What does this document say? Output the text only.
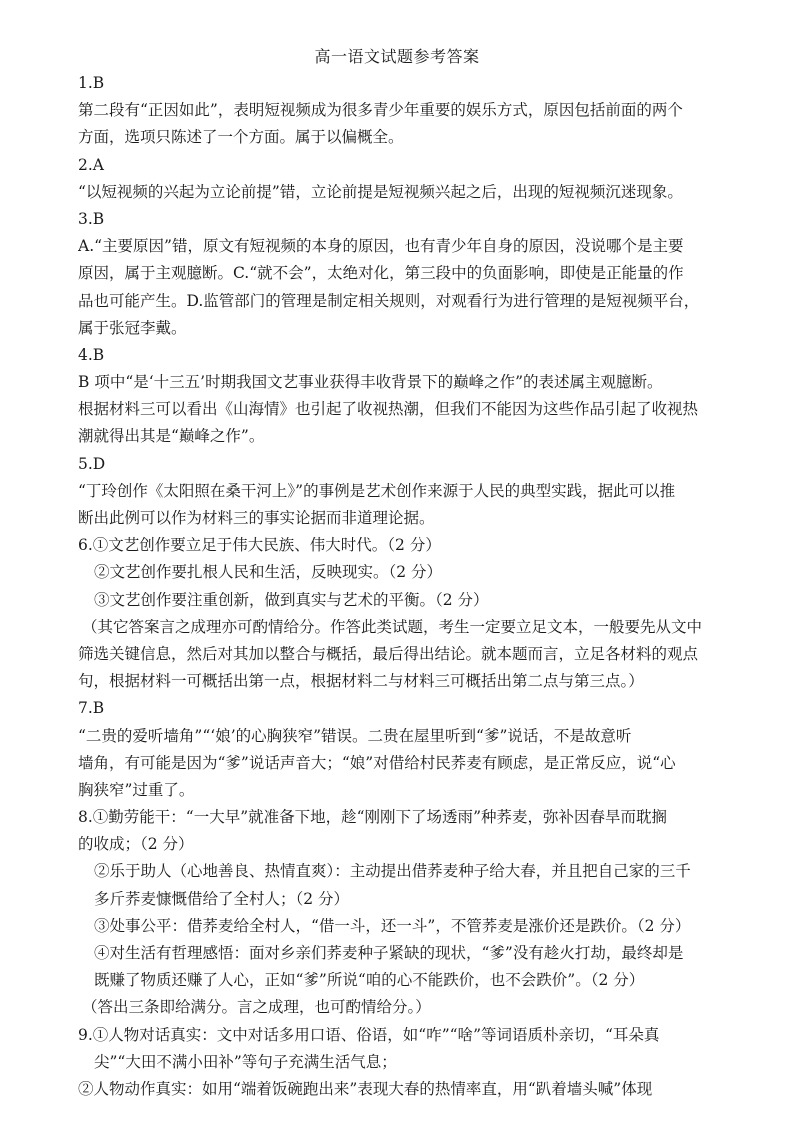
高一语文试题参考答案
1.B
第二段有“正因如此”，表明短视频成为很多青少年重要的娱乐方式，原因包括前面的两个
方面，选项只陈述了一个方面。属于以偏概全。
2.A
“以短视频的兴起为立论前提”错，立论前提是短视频兴起之后，出现的短视频沉迷现象。
3.B
A.“主要原因”错，原文有短视频的本身的原因，也有青少年自身的原因，没说哪个是主要
原因，属于主观臆断。C.“就不会”，太绝对化，第三段中的负面影响，即使是正能量的作
品也可能产生。D.监管部门的管理是制定相关规则，对观看行为进行管理的是短视频平台，
属于张冠李戴。
4.B
B 项中“是‘十三五’时期我国文艺事业获得丰收背景下的巅峰之作”的表述属主观臆断。
根据材料三可以看出《山海情》也引起了收视热潮，但我们不能因为这些作品引起了收视热
潮就得出其是“巅峰之作”。
5.D
“丁玲创作《太阳照在桑干河上》”的事例是艺术创作来源于人民的典型实践，据此可以推
断出此例可以作为材料三的事实论据而非道理论据。
6.①文艺创作要立足于伟大民族、伟大时代。（2 分）
②文艺创作要扎根人民和生活，反映现实。（2 分）
③文艺创作要注重创新，做到真实与艺术的平衡。（2 分）
（其它答案言之成理亦可酌情给分。作答此类试题，考生一定要立足文本，一般要先从文中
筛选关键信息，然后对其加以整合与概括，最后得出结论。就本题而言，立足各材料的观点
句，根据材料一可概括出第一点，根据材料二与材料三可概括出第二点与第三点。）
7.B
“二贵的爱听墙角”“‘娘’的心胸狭窄”错误。二贵在屋里听到“爹”说话，不是故意听
墙角，有可能是因为“爹”说话声音大；“娘”对借给村民荞麦有顾虑，是正常反应，说“心
胸狭窄”过重了。
8.①勤劳能干：“一大早”就准备下地，趁“刚刚下了场透雨”种荞麦，弥补因春旱而耽搁
的收成；（2 分）
②乐于助人（心地善良、热情直爽）：主动提出借荞麦种子给大春，并且把自己家的三千
多斤荞麦慷慨借给了全村人；（2 分）
③处事公平：借荞麦给全村人，“借一斗，还一斗”，不管荞麦是涨价还是跌价。（2 分）
④对生活有哲理感悟：面对乡亲们荞麦种子紧缺的现状，“爹”没有趁火打劫，最终却是
既赚了物质还赚了人心，正如“爹”所说“咱的心不能跌价，也不会跌价”。（2 分）
（答出三条即给满分。言之成理，也可酌情给分。）
9.①人物对话真实：文中对话多用口语、俗语，如“咋”“啥”等词语质朴亲切，“耳朵真
尖”“大田不满小田补”等句子充满生活气息；
②人物动作真实：如用“端着饭碗跑出来”表现大春的热情率直，用“趴着墙头喊”体现
